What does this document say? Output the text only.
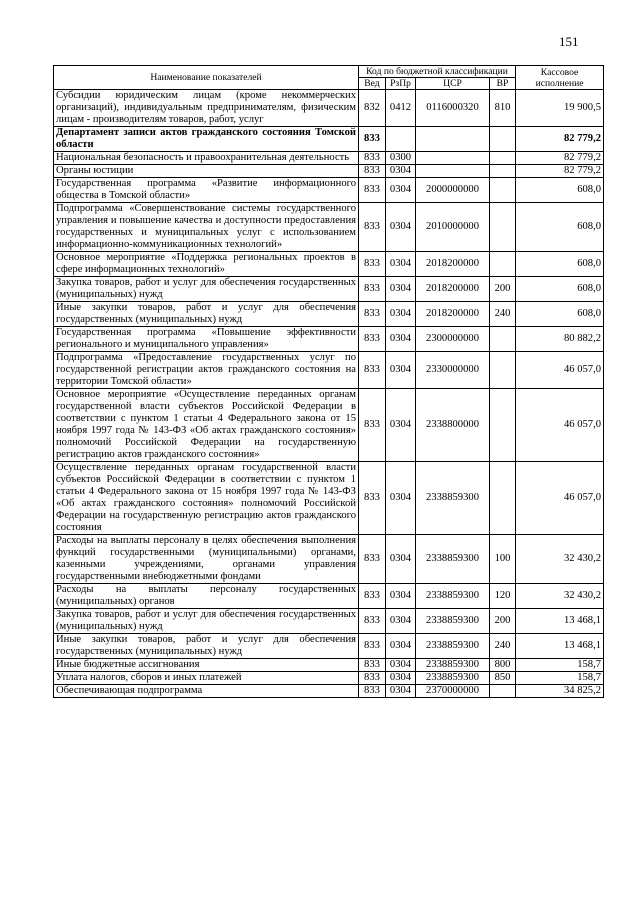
151
Наименование показателей	Код по бюджетной классификации				Кассовое исполнение
	Вед	РзПр	ЦСР	ВР	
Субсидии юридическим лицам (кроме некоммерческих организаций), индивидуальным предпринимателям, физическим лицам - производителям товаров, работ, услуг	832	0412	0116000320	810	19 900,5
Департамент записи актов гражданского состояния Томской области	833				82 779,2
Национальная безопасность и правоохранительная деятельность	833	0300			82 779,2
Органы юстиции	833	0304			82 779,2
Государственная программа «Развитие информационного общества в Томской области»	833	0304	2000000000		608,0
Подпрограмма «Совершенствование системы государственного управления и повышение качества и доступности предоставления государственных и муниципальных услуг с использованием информационно-коммуникационных технологий»	833	0304	2010000000		608,0
Основное мероприятие «Поддержка региональных проектов в сфере информационных технологий»	833	0304	2018200000		608,0
Закупка товаров, работ и услуг для обеспечения государственных (муниципальных) нужд	833	0304	2018200000	200	608,0
Иные закупки товаров, работ и услуг для обеспечения государственных (муниципальных) нужд	833	0304	2018200000	240	608,0
Государственная программа «Повышение эффективности регионального и муниципального управления»	833	0304	2300000000		80 882,2
Подпрограмма «Предоставление государственных услуг по государственной регистрации актов гражданского состояния на территории Томской области»	833	0304	2330000000		46 057,0
Основное мероприятие «Осуществление переданных органам государственной власти субъектов Российской Федерации в соответствии с пунктом 1 статьи 4 Федерального закона от 15 ноября 1997 года № 143-ФЗ «Об актах гражданского состояния» полномочий Российской Федерации на государственную регистрацию актов гражданского состояния»	833	0304	2338800000		46 057,0
Осуществление переданных органам государственной власти субъектов Российской Федерации в соответствии с пунктом 1 статьи 4 Федерального закона от 15 ноября 1997 года № 143-ФЗ «Об актах гражданского состояния» полномочий Российской Федерации на государственную регистрацию актов гражданского состояния	833	0304	2338859300		46 057,0
Расходы на выплаты персоналу в целях обеспечения выполнения функций государственными (муниципальными) органами, казенными учреждениями, органами управления государственными внебюджетными фондами	833	0304	2338859300	100	32 430,2
Расходы на выплаты персоналу государственных (муниципальных) органов	833	0304	2338859300	120	32 430,2
Закупка товаров, работ и услуг для обеспечения государственных (муниципальных) нужд	833	0304	2338859300	200	13 468,1
Иные закупки товаров, работ и услуг для обеспечения государственных (муниципальных) нужд	833	0304	2338859300	240	13 468,1
Иные бюджетные ассигнования	833	0304	2338859300	800	158,7
Уплата налогов, сборов и иных платежей	833	0304	2338859300	850	158,7
Обеспечивающая подпрограмма	833	0304	2370000000		34 825,2
